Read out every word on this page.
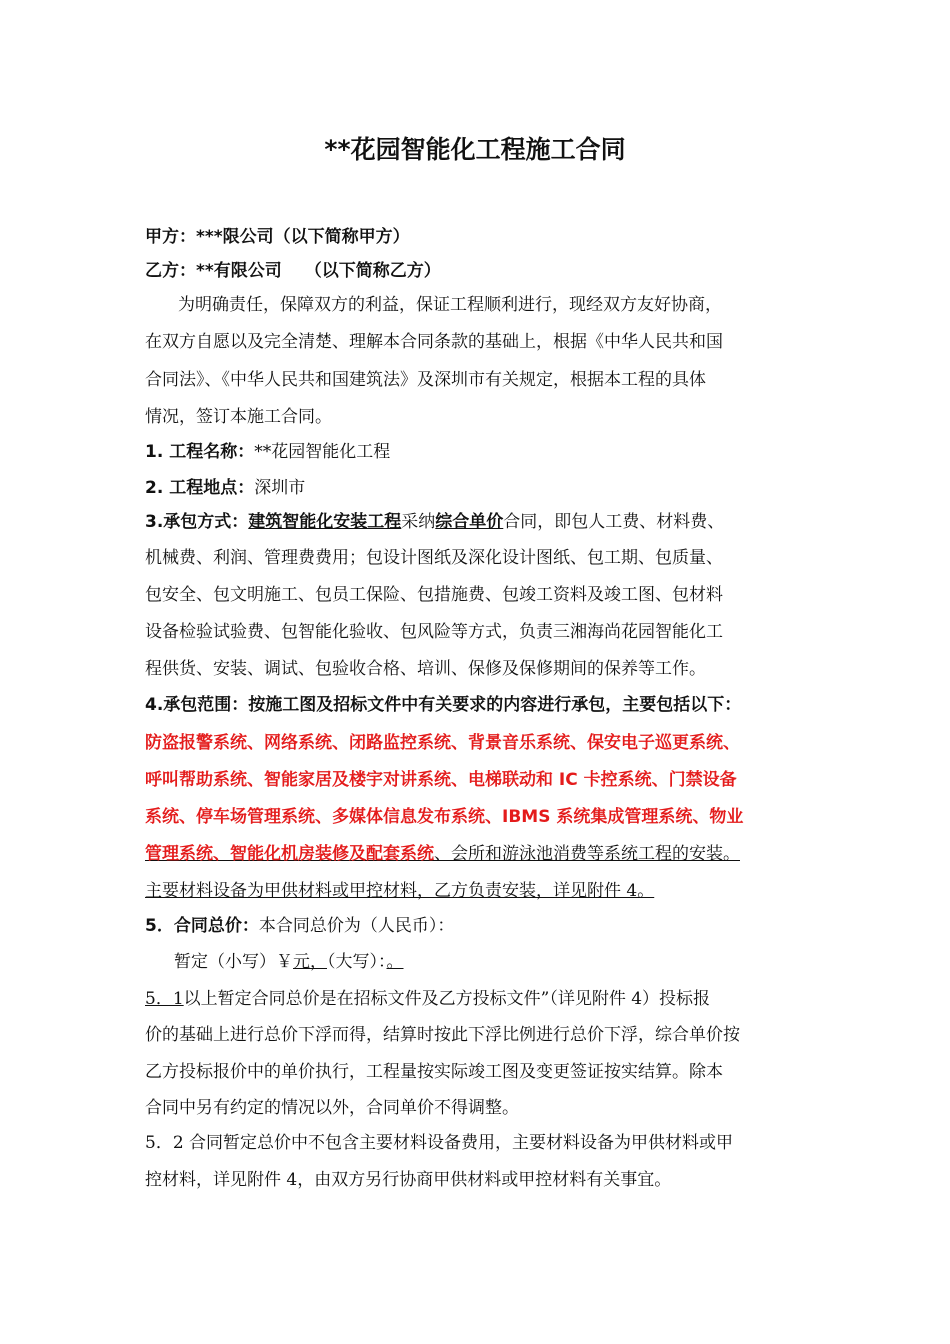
**花园智能化工程施工合同
甲方：***限公司（以下简称甲方）
乙方：**有限公司　 （以下简称乙方）
为明确责任，保障双方的利益，保证工程顺利进行，现经双方友好协商，
在双方自愿以及完全清楚、理解本合同条款的基础上，根据《中华人民共和国
合同法》、《中华人民共和国建筑法》及深圳市有关规定，根据本工程的具体
情况，签订本施工合同。
1. 工程名称：**花园智能化工程
2. 工程地点：深圳市
3.承包方式：建筑智能化安装工程采纳综合单价合同，即包人工费、材料费、
机械费、利润、管理费费用；包设计图纸及深化设计图纸、包工期、包质量、
包安全、包文明施工、包员工保险、包措施费、包竣工资料及竣工图、包材料
设备检验试验费、包智能化验收、包风险等方式，负责三湘海尚花园智能化工
程供货、安装、调试、包验收合格、培训、保修及保修期间的保养等工作。
4.承包范围：按施工图及招标文件中有关要求的内容进行承包，主要包括以下：
防盗报警系统、网络系统、闭路监控系统、背景音乐系统、保安电子巡更系统、
呼叫帮助系统、智能家居及楼宇对讲系统、电梯联动和 IC 卡控系统、门禁设备
系统、停车场管理系统、多媒体信息发布系统、IBMS 系统集成管理系统、物业
管理系统、智能化机房装修及配套系统、会所和游泳池消费等系统工程的安装。
主要材料设备为甲供材料或甲控材料，乙方负责安装，详见附件 4。
5．合同总价：本合同总价为（人民币）：
暂定（小写）￥元，（大写）：。
5．1以上暂定合同总价是在招标文件及乙方投标文件”（详见附件 4）投标报
价的基础上进行总价下浮而得，结算时按此下浮比例进行总价下浮，综合单价按
乙方投标报价中的单价执行，工程量按实际竣工图及变更签证按实结算。除本
合同中另有约定的情况以外，合同单价不得调整。
5．2 合同暂定总价中不包含主要材料设备费用，主要材料设备为甲供材料或甲
控材料，详见附件 4，由双方另行协商甲供材料或甲控材料有关事宜。
